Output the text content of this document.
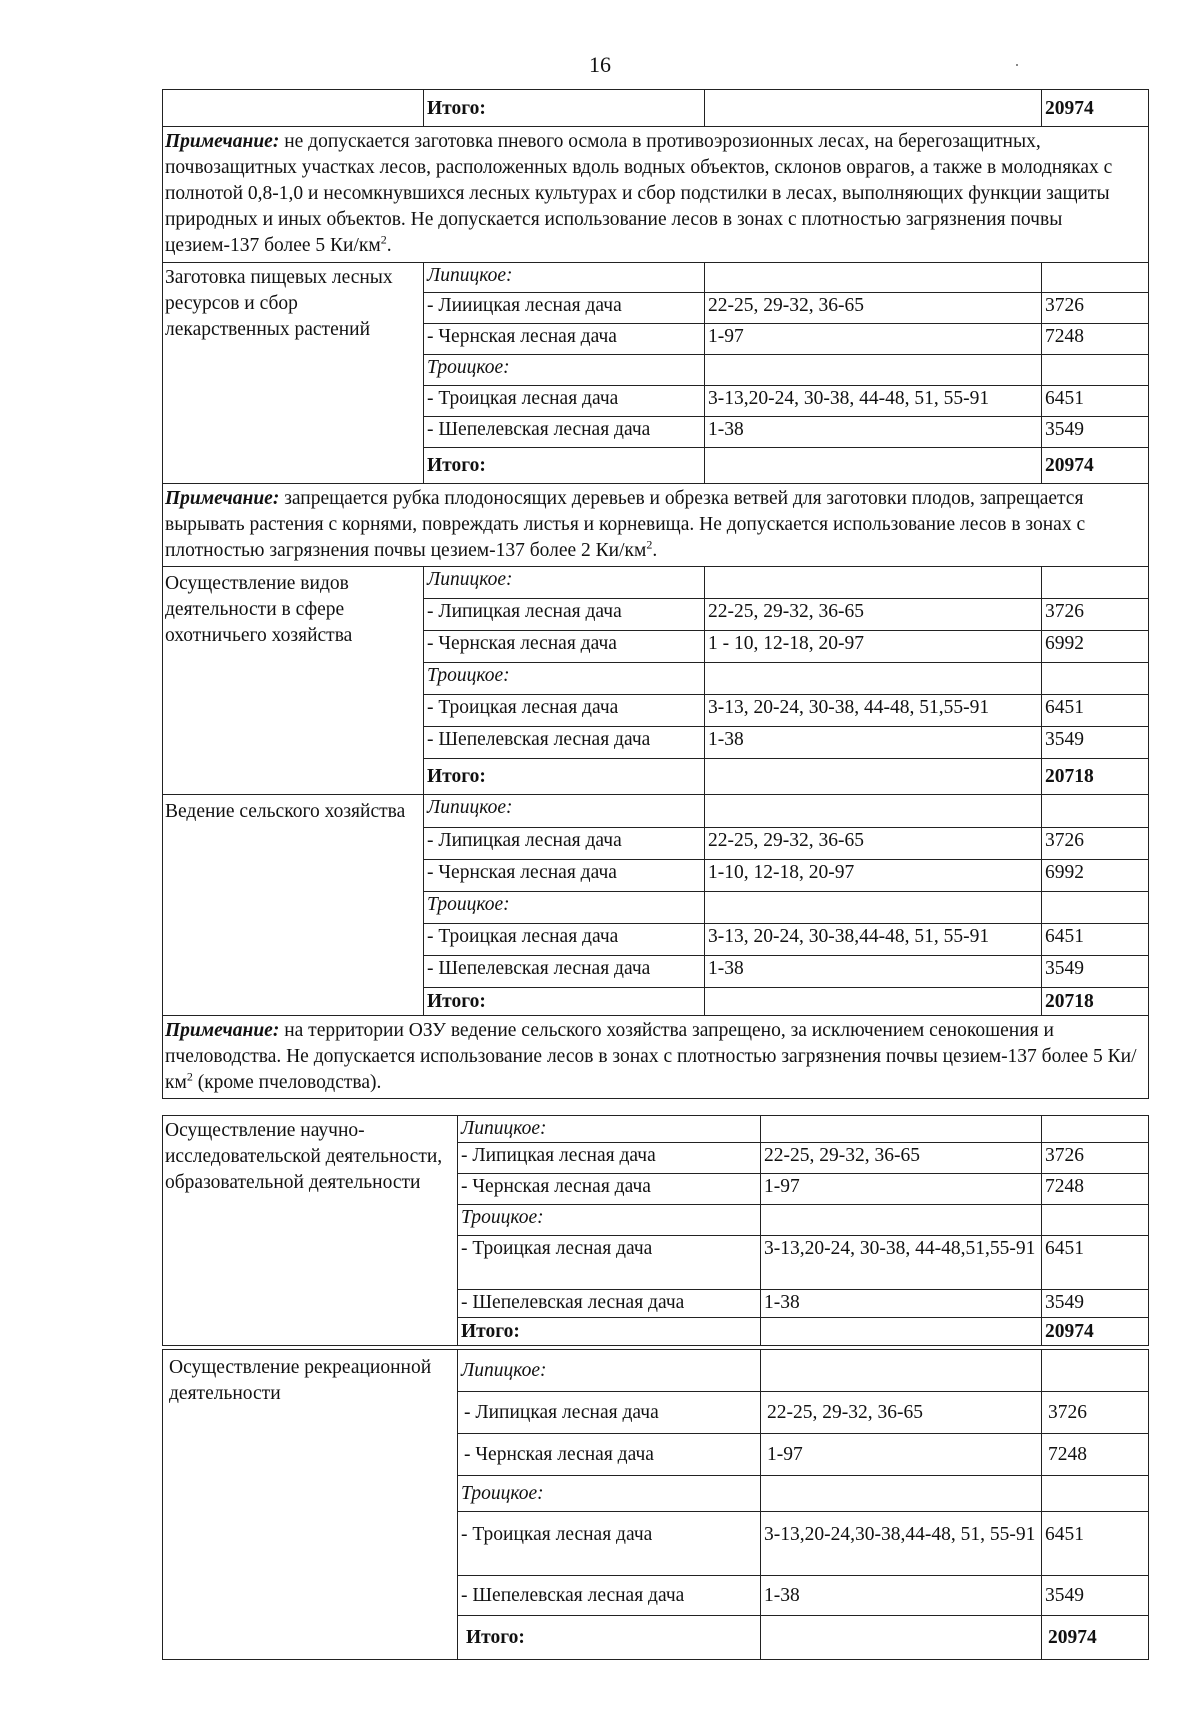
16
	Итого:		20974
Примечание: не допускается заготовка пневого осмола в противоэрозионных лесах, на берегозащитных, почвозащитных участках лесов, расположенных вдоль водных объектов, склонов оврагов, а также в молодняках с полнотой 0,8-1,0 и несомкнувшихся лесных культурах и сбор подстилки в лесах, выполняющих функции защиты природных и иных объектов. Не допускается использование лесов в зонах с плотностью загрязнения почвы цезием-137 более 5 $Ки/км^2$.			
Заготовка пищевых лесных ресурсов и сбор лекарственных растений	Липицкое:		
	- Лииицкая лесная дача	22-25, 29-32, 36-65	3726
	- Чернская лесная дача	1-97	7248
	Троицкое:		
	- Троицкая лесная дача	3-13,20-24, 30-38, 44-48, 51, 55-91	6451
	- Шепелевская лесная дача	1-38	3549
	Итого:		20974
Примечание: запрещается рубка плодоносящих деревьев и обрезка ветвей для заготовки плодов, запрещается вырывать растения с корнями, повреждать листья и корневища. Не допускается использование лесов в зонах с плотностью загрязнения почвы цезием-137 более 2 $Ки/км^2$.			
Осуществление видов деятельности в сфере охотничьего хозяйства	Липицкое:		
	- Липицкая лесная дача	22-25, 29-32, 36-65	3726
	- Чернская лесная дача	1 - 10, 12-18, 20-97	6992
	Троицкое:		
	- Троицкая лесная дача	3-13, 20-24, 30-38, 44-48, 51,55-91	6451
	- Шепелевская лесная дача	1-38	3549
	Итого:		20718
Ведение сельского хозяйства	Липицкое:		
	- Липицкая лесная дача	22-25, 29-32, 36-65	3726
	- Чернская лесная дача	1-10, 12-18, 20-97	6992
	Троицкое:		
	- Троицкая лесная дача	3-13, 20-24, 30-38,44-48, 51, 55-91	6451
	- Шепелевская лесная дача	1-38	3549
	Итого:		20718
Примечание: на территории ОЗУ ведение сельского хозяйства запрещено, за исключением сенокошения и пчеловодства. Не допускается использование лесов в зонах с плотностью загрязнения почвы цезием-137 более 5 $Ки/км^2$ (кроме пчеловодства).			
Осуществление научно-исследовательской деятельности, образовательной деятельности	Липицкое:		
	- Липицкая лесная дача	22-25, 29-32, 36-65	3726
	- Чернская лесная дача	1-97	7248
	Троицкое:		
	- Троицкая лесная дача	3-13,20-24, 30-38, 44-48,51,55-91	6451
	- Шепелевская лесная дача	1-38	3549
	Итого:		20974
Осуществление рекреационной деятельности	Липицкое:		
	- Липицкая лесная дача	22-25, 29-32, 36-65	3726
	- Чернская лесная дача	1-97	7248
	Троицкое:		
	- Троицкая лесная дача	3-13,20-24,30-38,44-48, 51, 55-91	6451
	- Шепелевская лесная дача	1-38	3549
	Итого:		20974
